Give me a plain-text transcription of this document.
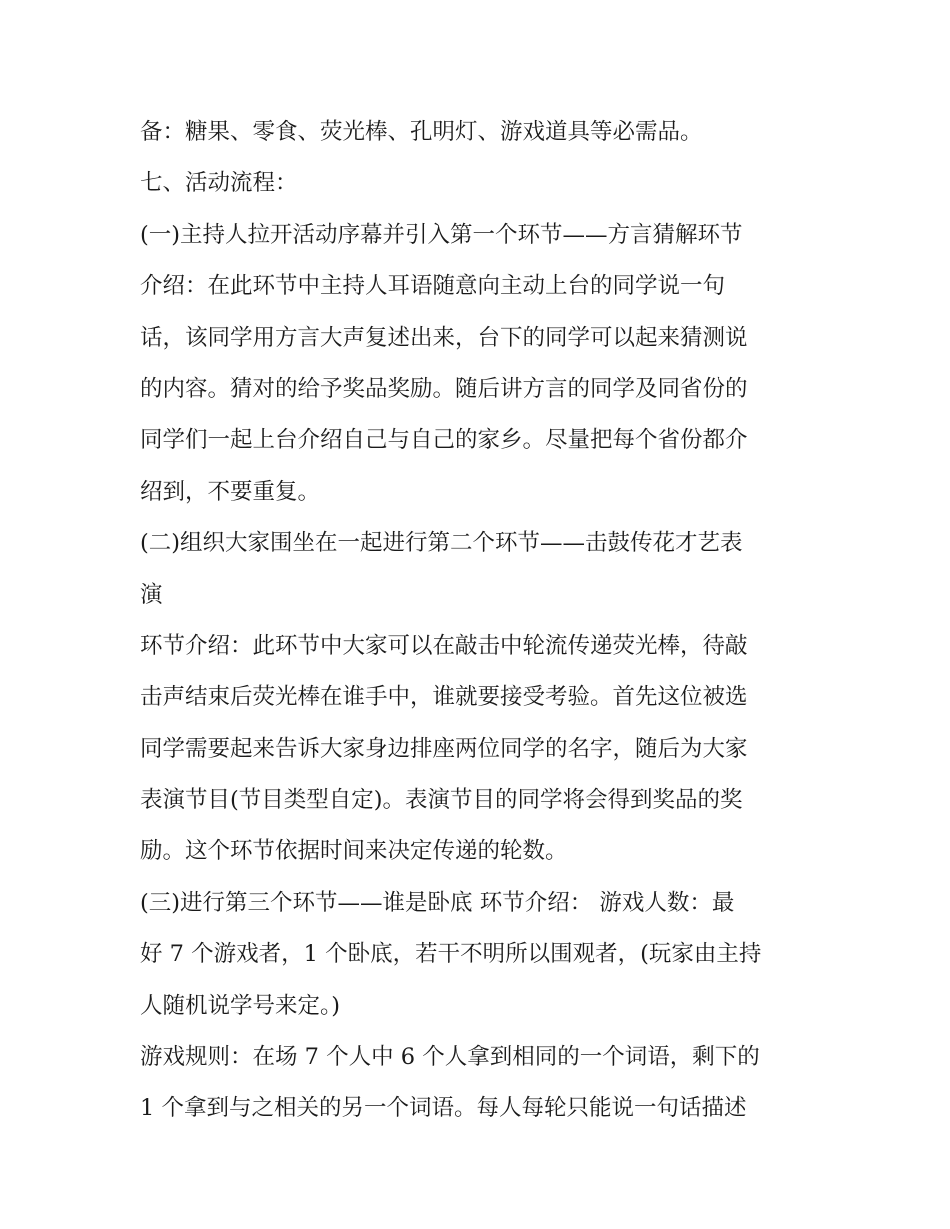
备：糖果、零食、荧光棒、孔明灯、游戏道具等必需品。
七、活动流程：
(一)主持人拉开活动序幕并引入第一个环节——方言猜解环节
介绍：在此环节中主持人耳语随意向主动上台的同学说一句
话，该同学用方言大声复述出来，台下的同学可以起来猜测说
的内容。猜对的给予奖品奖励。随后讲方言的同学及同省份的
同学们一起上台介绍自己与自己的家乡。尽量把每个省份都介
绍到，不要重复。
(二)组织大家围坐在一起进行第二个环节——击鼓传花才艺表
演
环节介绍：此环节中大家可以在敲击中轮流传递荧光棒，待敲
击声结束后荧光棒在谁手中，谁就要接受考验。首先这位被选
同学需要起来告诉大家身边排座两位同学的名字，随后为大家
表演节目(节目类型自定)。表演节目的同学将会得到奖品的奖
励。这个环节依据时间来决定传递的轮数。
(三)进行第三个环节——谁是卧底 环节介绍： 游戏人数：最
好 7 个游戏者，1 个卧底，若干不明所以围观者，(玩家由主持
人随机说学号来定。)
游戏规则：在场 7 个人中 6 个人拿到相同的一个词语，剩下的
1 个拿到与之相关的另一个词语。每人每轮只能说一句话描述
